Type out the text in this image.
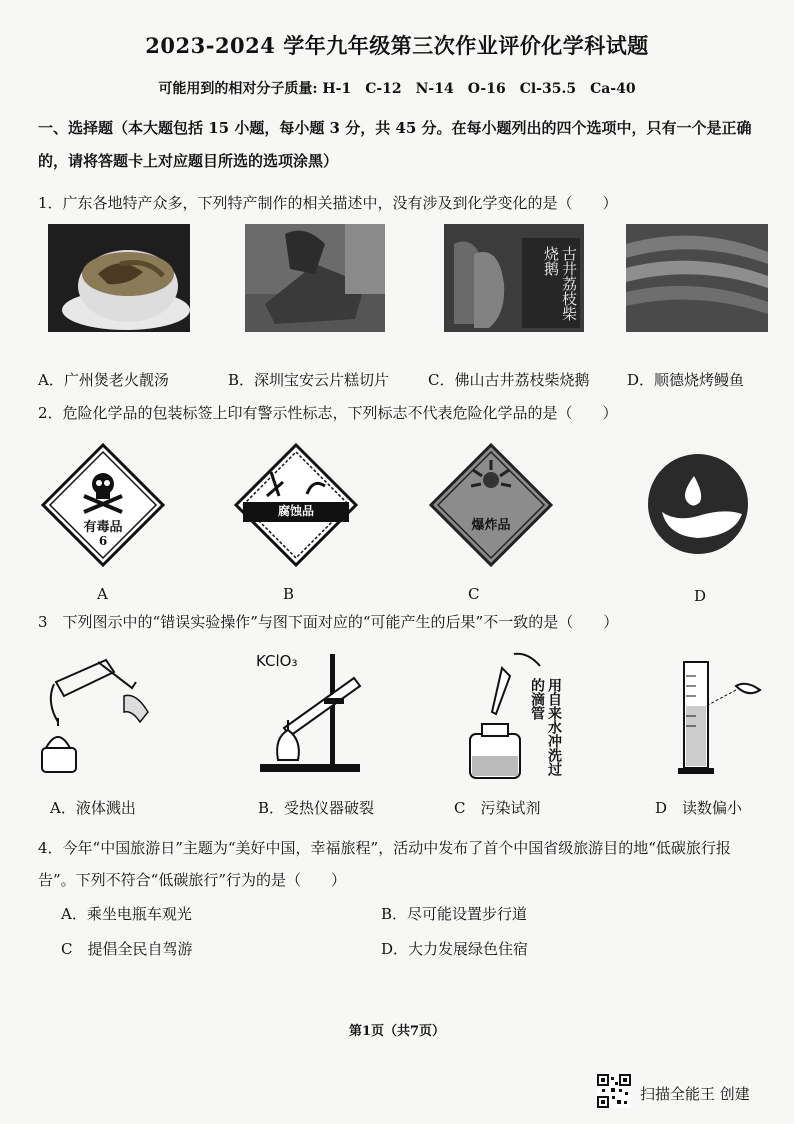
2023-2024 学年九年级第三次作业评价化学科试题
可能用到的相对分子质量: H-1　C-12　N-14　O-16　Cl-35.5　Ca-40
一、选择题（本大题包括 15 小题，每小题 3 分，共 45 分。在每小题列出的四个选项中，只有一个是正确的，请将答题卡上对应题目所选的选项涂黑）
1．广东各地特产众多，下列特产制作的相关描述中，没有涉及到化学变化的是（　　）
古井荔枝柴烧鹅
A．广州煲老火靓汤	B．深圳宝安云片糕切片	C．佛山古井荔枝柴烧鹅	D．顺德烧烤鳗鱼
2．危险化学品的包装标签上印有警示性标志，下列标志不代表危险化学品的是（　　）
有毒品
6
腐蚀品
爆炸品
A	B	C	D
3　下列图示中的“错误实验操作”与图下面对应的“可能产生的后果”不一致的是（　　）
KClO₃
用自来水冲洗过的滴管
A．液体溅出	B．受热仪器破裂	C　污染试剂	D　读数偏小
4．今年“中国旅游日”主题为“美好中国，幸福旅程”，活动中发布了首个中国省级旅游目的地“低碳旅行报告”。下列不符合“低碳旅行”行为的是（　　）
A．乘坐电瓶车观光	B．尽可能设置步行道
C　提倡全民自驾游	D．大力发展绿色住宿
第1页（共7页）
扫描全能王 创建
